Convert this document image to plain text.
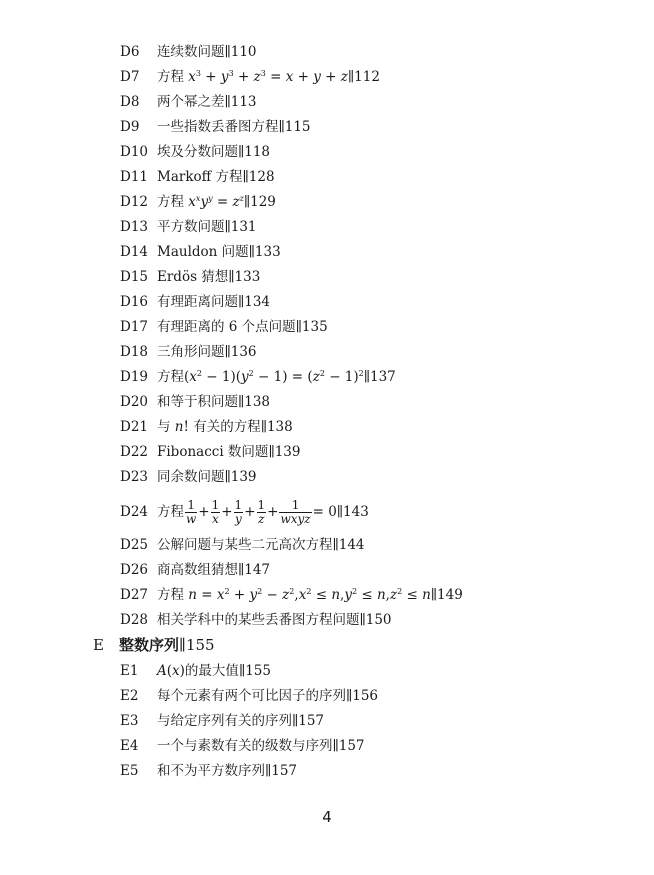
D6 连续数问题∥110
D7 方程 $x^3 + y^3 + z^3 = x + y$ + z∥112
D8 两个幂之差∥113
D9 一些指数丢番图方程∥115
D10 埃及分数问题∥118
D11 Markoff 方程∥128
D12 方程 $x^xy^y$ = $z^z\parallel 129$
D13 平方数问题∥131
D14 Mauldon 问题∥133
D15 Erdös 猜想∥133
D16 有理距离问题∥134
D17 有理距离的 6 个点问题∥135
D18 三角形问题∥136
D19 方程$(x^2 - 1)(y^2 - 1) = (z^2$ − $1)^2\parallel 137$
D20 和等于积问题∥138
D21 与 n! 有关的方程∥138
D22 Fibonacci 数问题∥139
D23 同余数问题∥139
D24 方程 $\frac{1}{w} + \frac{1}{x} + \frac{1}{y} + \frac{1}{z} + \frac{1}{\text{wxyz}}$ = 0∥143
D25 公解问题与某些二元高次方程∥144
D26 商高数组猜想∥147
D27 方程 $n = x^2 + y^2 - z^2,x^2 \le n,y^2 \le n,z^2$ ≤ n∥149
D28 相关学科中的某些丢番图方程问题∥150
E 整数序列∥155
E1 A(x)的最大值∥155
E2 每个元素有两个可比因子的序列∥156
E3 与给定序列有关的序列∥157
E4 一个与素数有关的级数与序列∥157
E5 和不为平方数序列∥157
4
